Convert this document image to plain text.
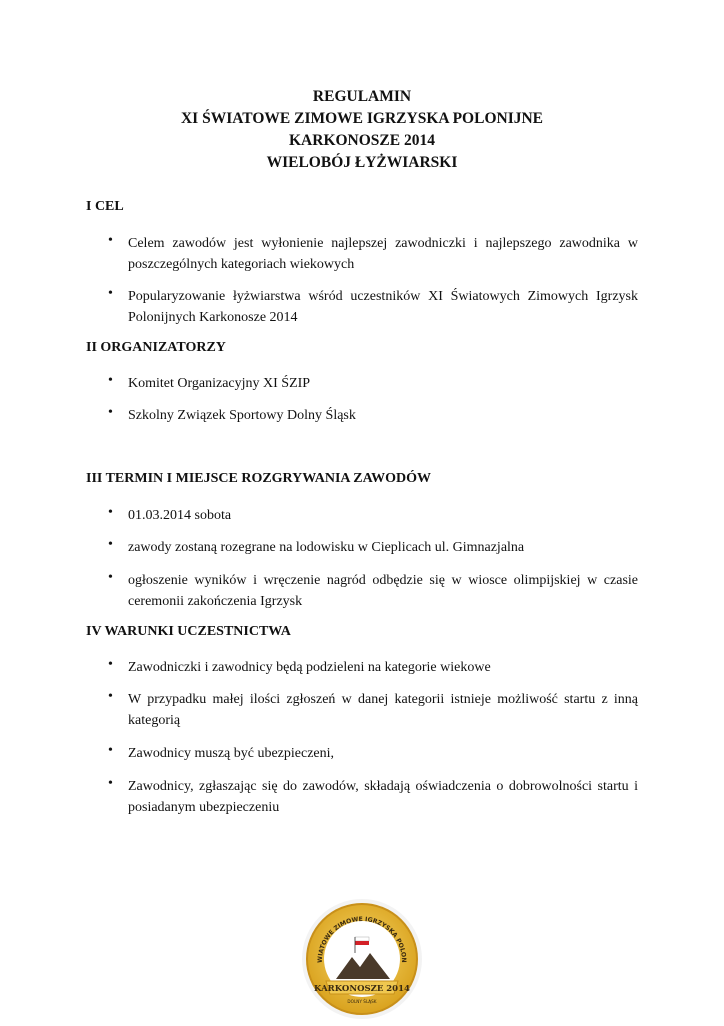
REGULAMIN
XI ŚWIATOWE ZIMOWE IGRZYSKA POLONIJNE
KARKONOSZE 2014
WIELOBÓJ ŁYŻWIARSKI
I CEL
• Celem zawodów jest wyłonienie najlepszej zawodniczki i najlepszego zawodnika w poszczególnych kategoriach wiekowych
• Popularyzowanie łyżwiarstwa wśród uczestników XI Światowych Zimowych Igrzysk Polonijnych Karkonosze 2014
II ORGANIZATORZY
• Komitet Organizacyjny XI ŚZIP
• Szkolny Związek Sportowy Dolny Śląsk
III TERMIN I MIEJSCE ROZGRYWANIA ZAWODÓW
• 01.03.2014 sobota
• zawody zostaną rozegrane na lodowisku w Cieplicach ul. Gimnazjalna
• ogłoszenie wyników i wręczenie nagród odbędzie się w wiosce olimpijskiej w czasie ceremonii zakończenia Igrzysk
IV WARUNKI UCZESTNICTWA
• Zawodniczki i zawodnicy będą podzieleni na kategorie wiekowe
• W przypadku małej ilości zgłoszeń w danej kategorii istnieje możliwość startu z inną kategorią
• Zawodnicy muszą być ubezpieczeni,
• Zawodnicy, zgłaszając się do zawodów, składają oświadczenia o dobrowolności startu i posiadanym ubezpieczeniu
WIATOWE ZIMOWE IGRZYSKA POLON
KARKONOSZE 2014
DOLNY ŚLĄSK
